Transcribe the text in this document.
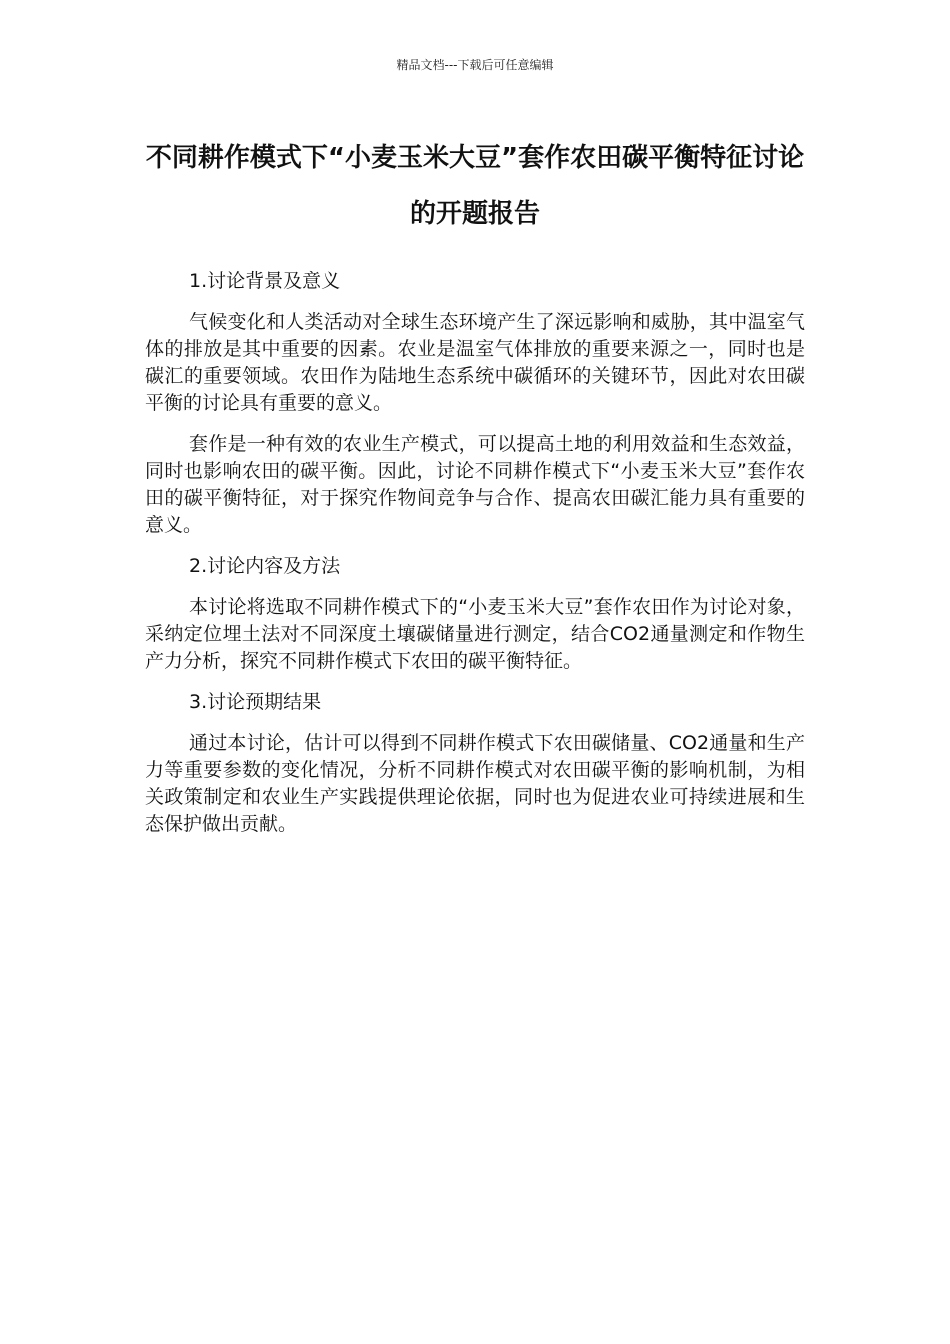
精品文档---下载后可任意编辑
不同耕作模式下“小麦玉米大豆”套作农田碳平衡特征讨论的开题报告
1.讨论背景及意义

气候变化和人类活动对全球生态环境产生了深远影响和威胁，其中温室气体的排放是其中重要的因素。农业是温室气体排放的重要来源之一，同时也是碳汇的重要领域。农田作为陆地生态系统中碳循环的关键环节，因此对农田碳平衡的讨论具有重要的意义。

套作是一种有效的农业生产模式，可以提高土地的利用效益和生态效益，同时也影响农田的碳平衡。因此，讨论不同耕作模式下“小麦玉米大豆”套作农田的碳平衡特征，对于探究作物间竞争与合作、提高农田碳汇能力具有重要的意义。

2.讨论内容及方法

本讨论将选取不同耕作模式下的“小麦玉米大豆”套作农田作为讨论对象，采纳定位埋土法对不同深度土壤碳储量进行测定，结合CO2通量测定和作物生产力分析，探究不同耕作模式下农田的碳平衡特征。

3.讨论预期结果

通过本讨论，估计可以得到不同耕作模式下农田碳储量、CO2通量和生产力等重要参数的变化情况，分析不同耕作模式对农田碳平衡的影响机制，为相关政策制定和农业生产实践提供理论依据，同时也为促进农业可持续进展和生态保护做出贡献。
